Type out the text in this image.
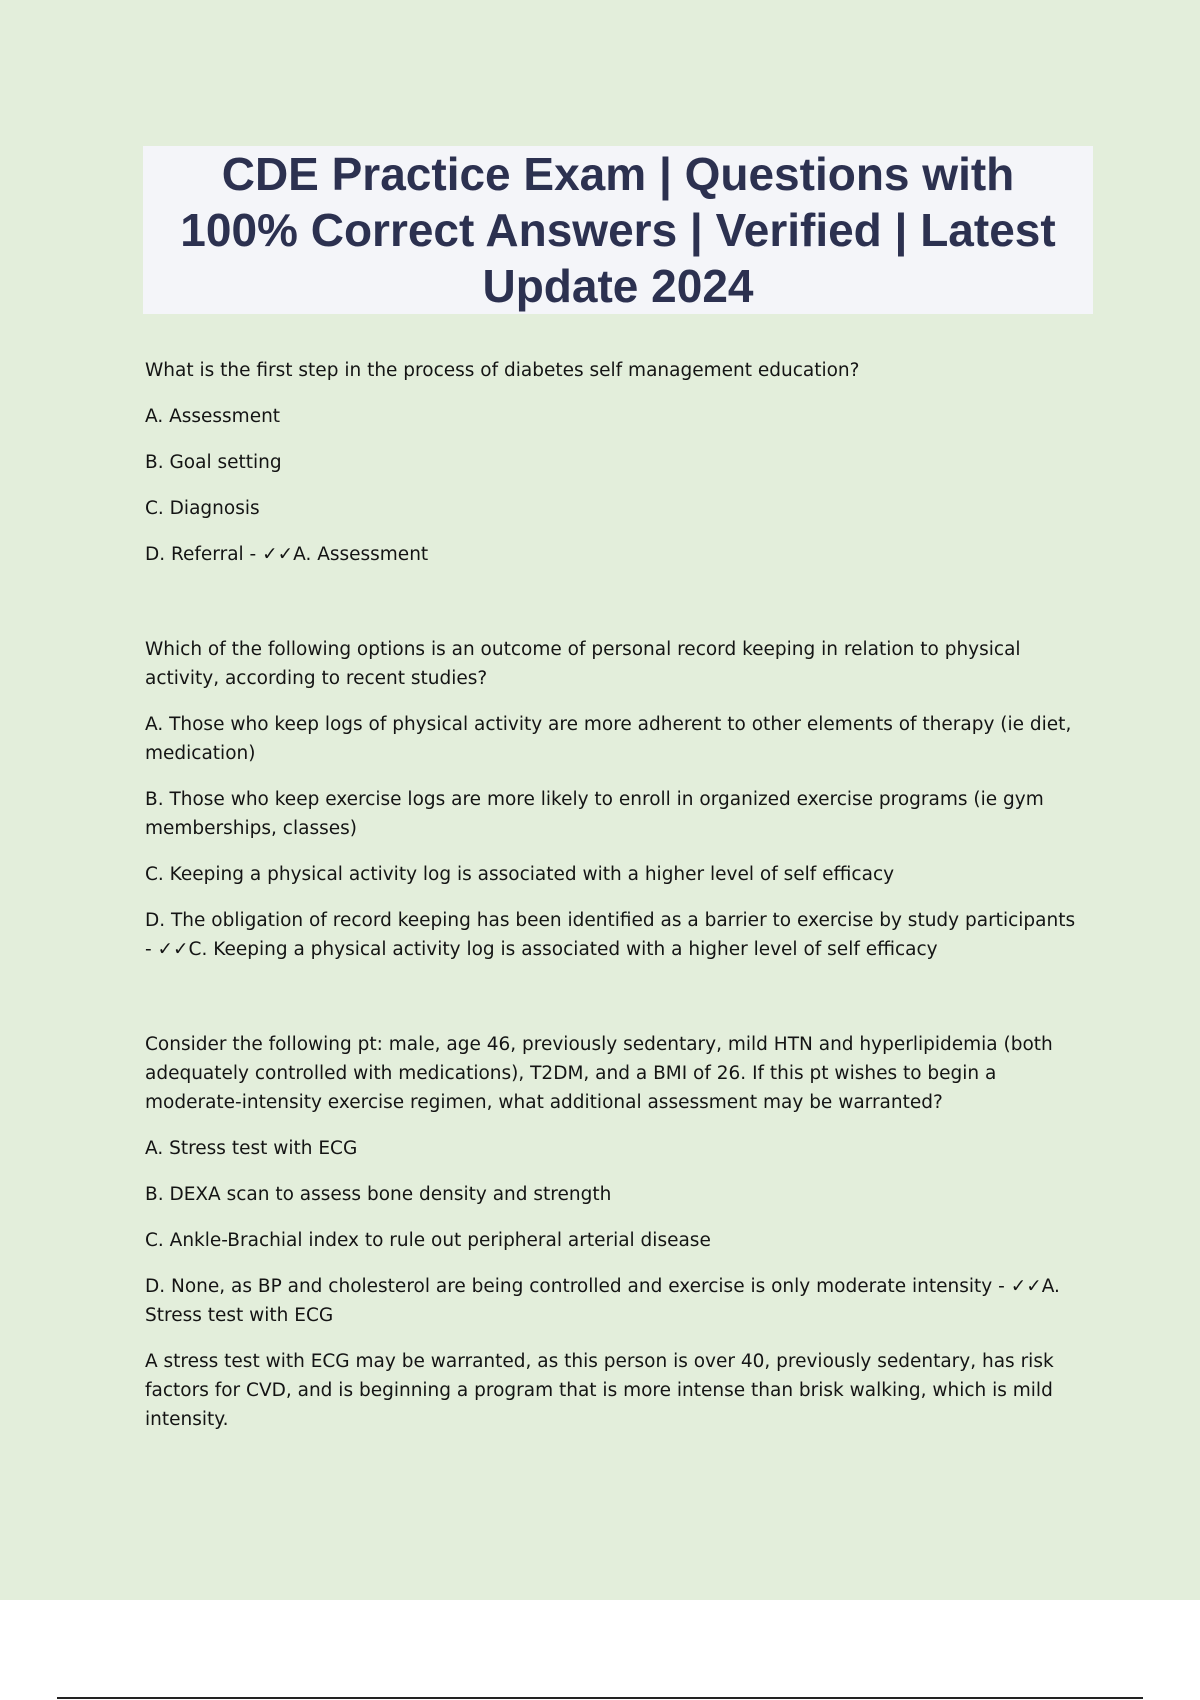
CDE Practice Exam | Questions with 100% Correct Answers | Verified | Latest Update 2024

What is the first step in the process of diabetes self management education?

A. Assessment

B. Goal setting

C. Diagnosis

D. Referral - ✓✓A. Assessment

Which of the following options is an outcome of personal record keeping in relation to physical activity, according to recent studies?

A. Those who keep logs of physical activity are more adherent to other elements of therapy (ie diet, medication)

B. Those who keep exercise logs are more likely to enroll in organized exercise programs (ie gym memberships, classes)

C. Keeping a physical activity log is associated with a higher level of self efficacy

D. The obligation of record keeping has been identified as a barrier to exercise by study participants - ✓✓C. Keeping a physical activity log is associated with a higher level of self efficacy

Consider the following pt: male, age 46, previously sedentary, mild HTN and hyperlipidemia (both adequately controlled with medications), T2DM, and a BMI of 26. If this pt wishes to begin a moderate-intensity exercise regimen, what additional assessment may be warranted?

A. Stress test with ECG

B. DEXA scan to assess bone density and strength

C. Ankle-Brachial index to rule out peripheral arterial disease

D. None, as BP and cholesterol are being controlled and exercise is only moderate intensity - ✓✓A. Stress test with ECG

A stress test with ECG may be warranted, as this person is over 40, previously sedentary, has risk factors for CVD, and is beginning a program that is more intense than brisk walking, which is mild intensity.
